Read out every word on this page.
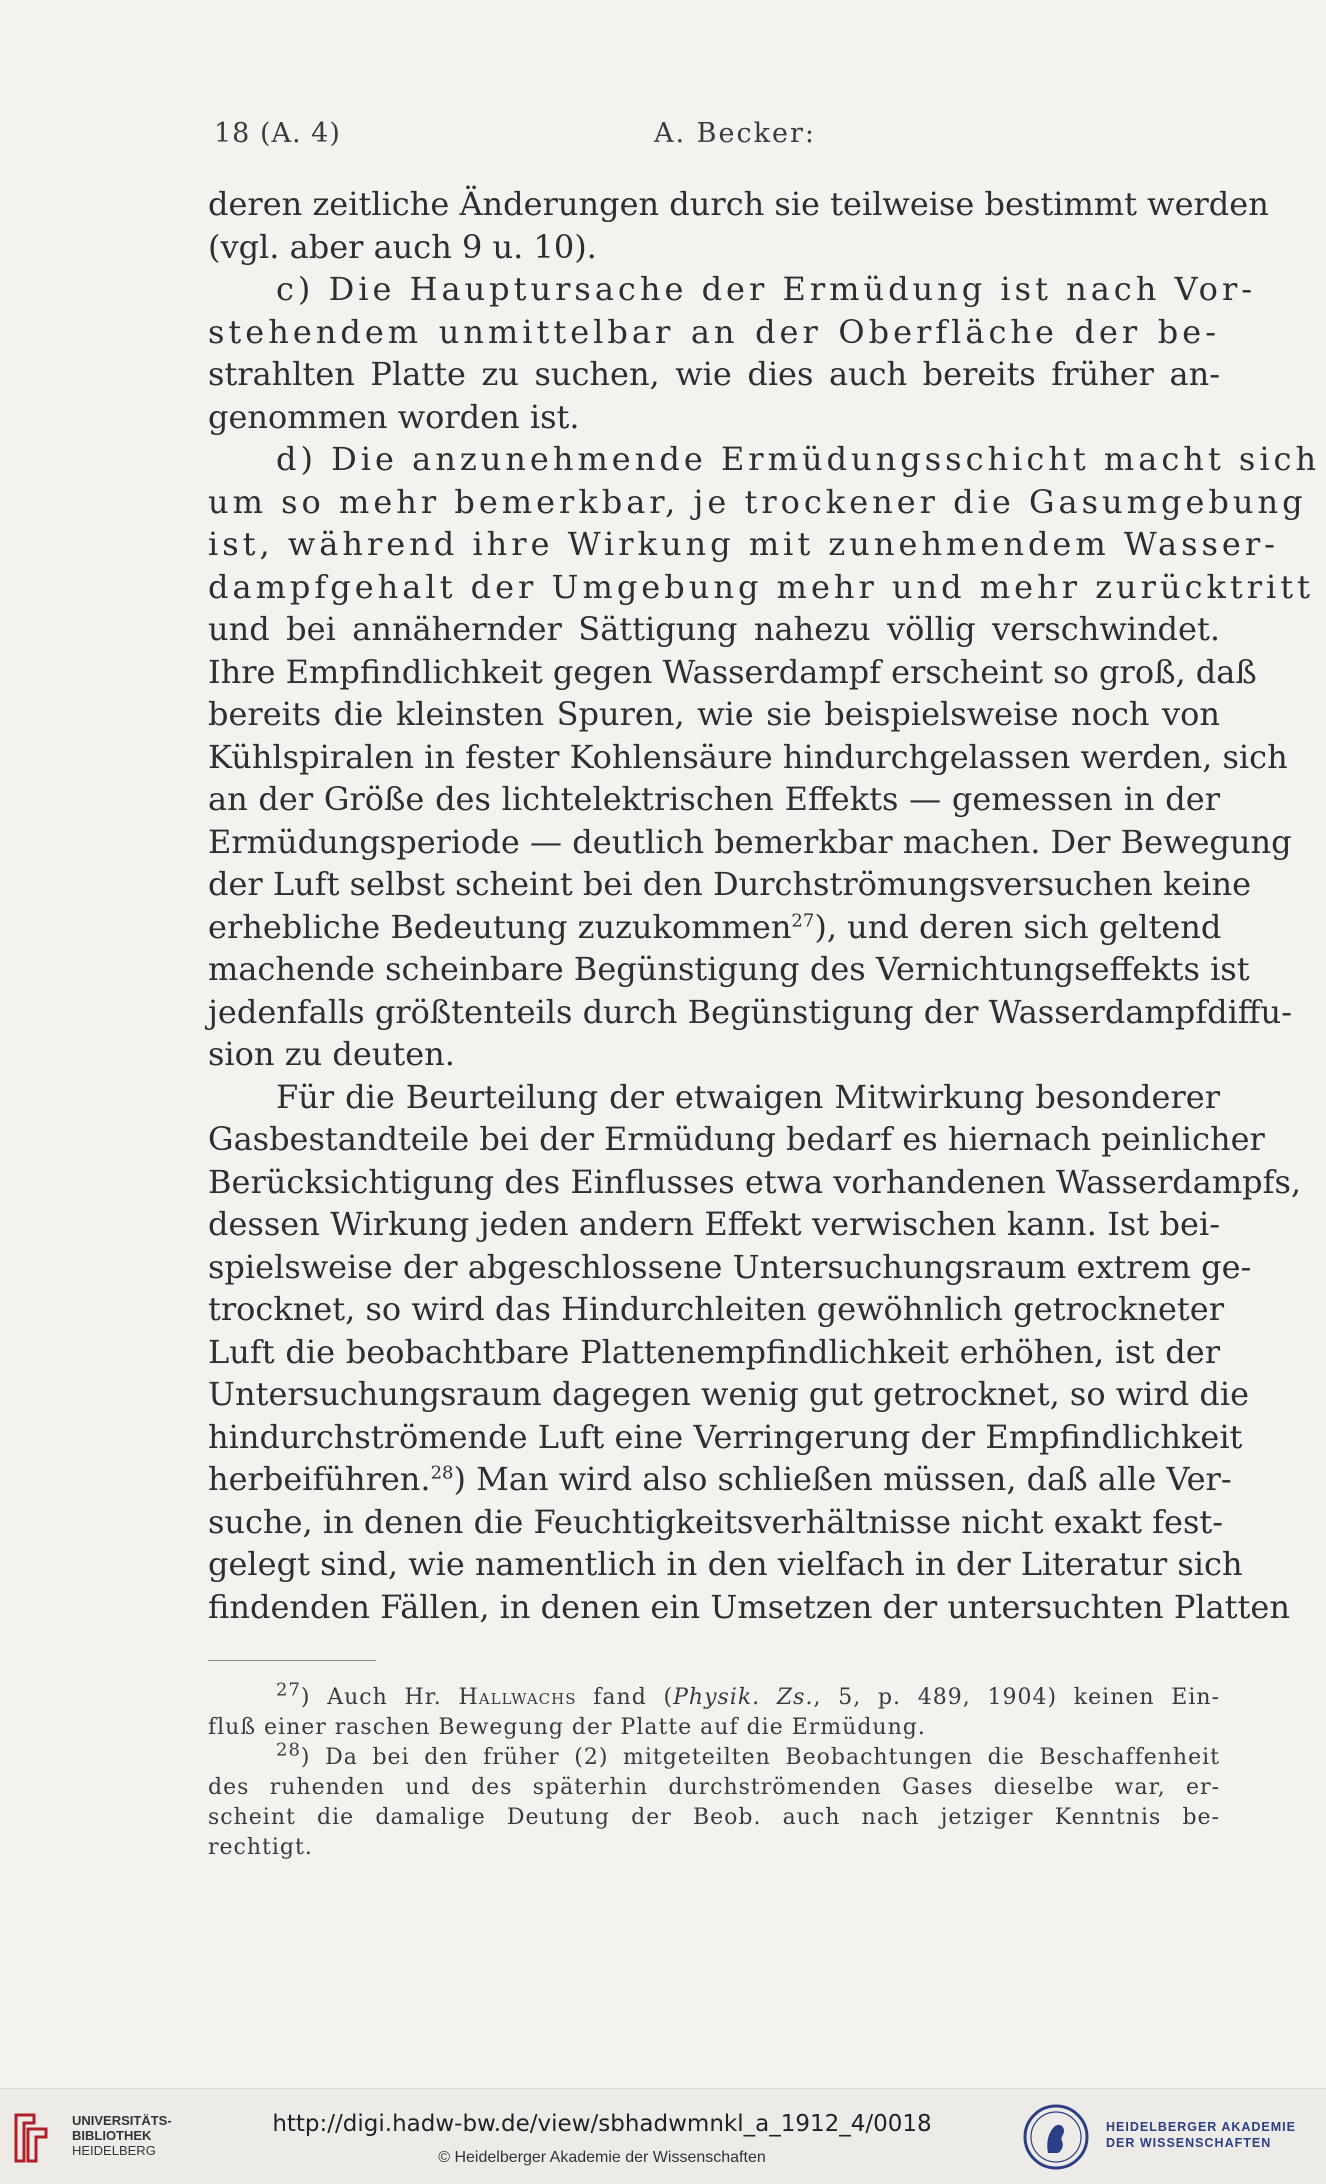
18 (A. 4)	A. Becker:
deren zeitliche Änderungen durch sie teilweise bestimmt werden
(vgl. aber auch 9 u. 10).
c) Die Hauptursache der Ermüdung ist nach Vor-
stehendem unmittelbar an der Oberfläche der be-
strahlten Platte zu suchen, wie dies auch bereits früher an-
genommen worden ist.
d) Die anzunehmende Ermüdungsschicht macht sich
um so mehr bemerkbar, je trockener die Gasumgebung
ist, während ihre Wirkung mit zunehmendem Wasser-
dampfgehalt der Umgebung mehr und mehr zurücktritt
und bei annähernder Sättigung nahezu völlig verschwindet.
Ihre Empfindlichkeit gegen Wasserdampf erscheint so groß, daß
bereits die kleinsten Spuren, wie sie beispielsweise noch von
Kühlspiralen in fester Kohlensäure hindurchgelassen werden, sich
an der Größe des lichtelektrischen Effekts — gemessen in der
Ermüdungsperiode — deutlich bemerkbar machen. Der Bewegung
der Luft selbst scheint bei den Durchströmungsversuchen keine
erhebliche Bedeutung zuzukommen$^{27}$), und deren sich geltend
machende scheinbare Begünstigung des Vernichtungseffekts ist
jedenfalls größtenteils durch Begünstigung der Wasserdampfdiffu-
sion zu deuten.
Für die Beurteilung der etwaigen Mitwirkung besonderer
Gasbestandteile bei der Ermüdung bedarf es hiernach peinlicher
Berücksichtigung des Einflusses etwa vorhandenen Wasserdampfs,
dessen Wirkung jeden andern Effekt verwischen kann. Ist bei-
spielsweise der abgeschlossene Untersuchungsraum extrem ge-
trocknet, so wird das Hindurchleiten gewöhnlich getrockneter
Luft die beobachtbare Plattenempfindlichkeit erhöhen, ist der
Untersuchungsraum dagegen wenig gut getrocknet, so wird die
hindurchströmende Luft eine Verringerung der Empfindlichkeit
herbeiführen.$^{28}$) Man wird also schließen müssen, daß alle Ver-
suche, in denen die Feuchtigkeitsverhältnisse nicht exakt fest-
gelegt sind, wie namentlich in den vielfach in der Literatur sich
findenden Fällen, in denen ein Umsetzen der untersuchten Platten
$^{27}$) Auch Hr. Hallwachs fand (Physik. Zs., 5, p. 489, 1904) keinen Ein-
fluß einer raschen Bewegung der Platte auf die Ermüdung.
$^{28}$) Da bei den früher (2) mitgeteilten Beobachtungen die Beschaffenheit
des ruhenden und des späterhin durchströmenden Gases dieselbe war, er-
scheint die damalige Deutung der Beob. auch nach jetziger Kenntnis be-
rechtigt.
UNIVERSITÄTS-
BIBLIOTHEK
HEIDELBERG
http://digi.hadw-bw.de/view/sbhadwmnkl_a_1912_4/0018
© Heidelberger Akademie der Wissenschaften
HEIDELBERGER AKADEMIE
DER WISSENSCHAFTEN
